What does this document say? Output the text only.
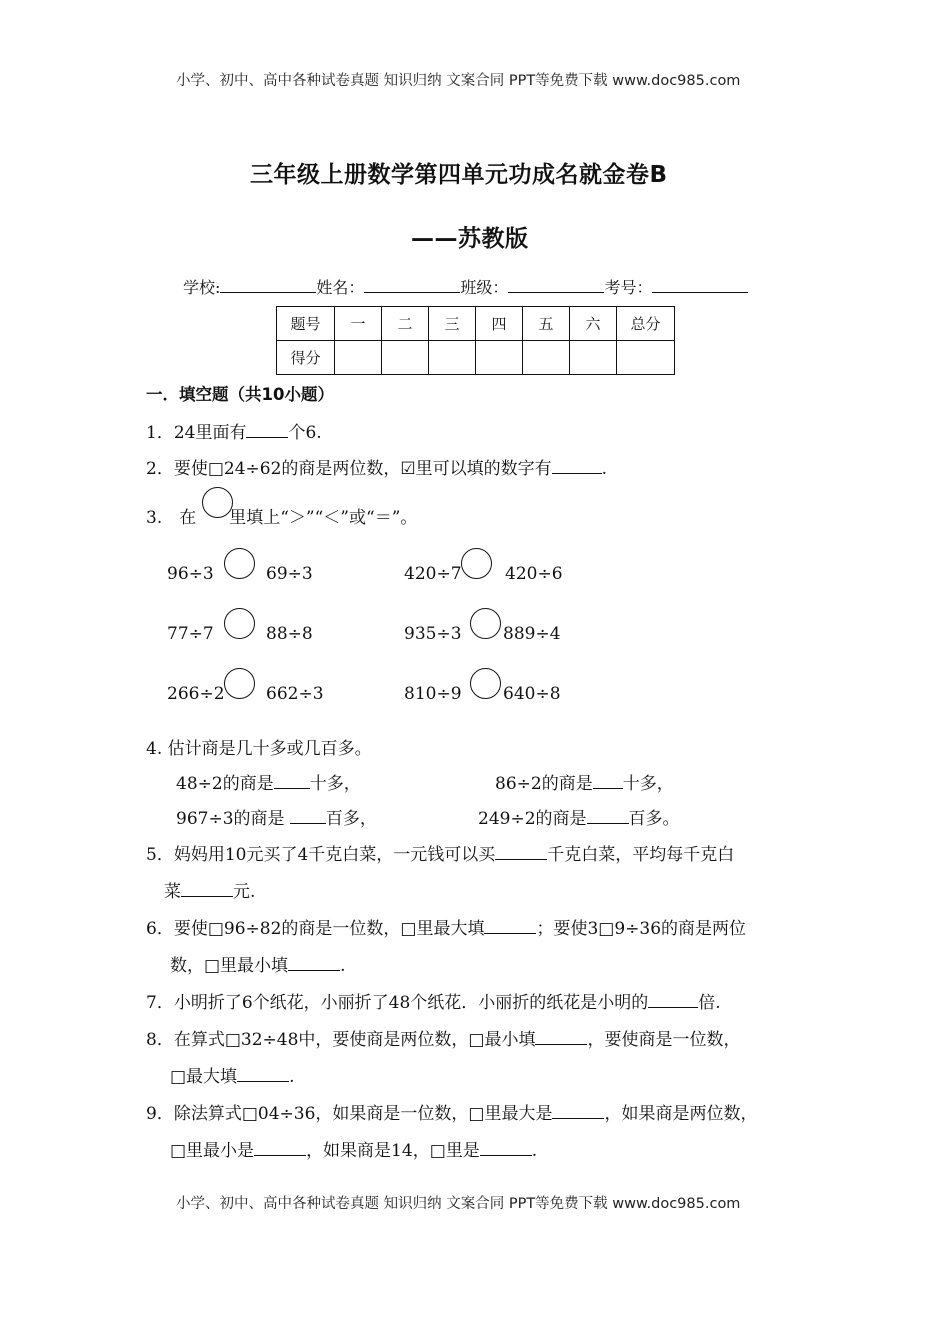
小学、初中、高中各种试卷真题 知识归纳 文案合同 PPT等免费下载 www.doc985.com
三年级上册数学第四单元功成名就金卷B
——苏教版
学校:	姓名：	班级：	考号：
题号	一	二	三	四	五	六	总分
得分							
一．填空题（共10小题）
1．24里面有 个6.
2．要使□24÷62的商是两位数，☑里可以填的数字有	.
3.　在 里填上“＞”“＜”或“＝”。
96÷3	69÷3	420÷7	420÷6
77÷7	88÷8	935÷3 889÷4
266÷2 662÷3	810÷9 640÷8
4. 估计商是几十多或几百多。
48÷2的商是 十多，	86÷2的商是 十多，
967÷3的商是 百多，	249÷2的商是 百多。
5．妈妈用10元买了4千克白菜，一元钱可以买	千克白菜，平均每千克白
菜	元.
6．要使□96÷82的商是一位数，□里最大填	；要使3□9÷36的商是两位
数，□里最小填	.
7．小明折了6个纸花，小丽折了48个纸花．小丽折的纸花是小明的	倍.
8．在算式□32÷48中，要使商是两位数，□最小填	，要使商是一位数，
□最大填	.
9．除法算式□04÷36，如果商是一位数，□里最大是	，如果商是两位数，
□里最小是	，如果商是14，□里是	.
小学、初中、高中各种试卷真题 知识归纳 文案合同 PPT等免费下载 www.doc985.com
